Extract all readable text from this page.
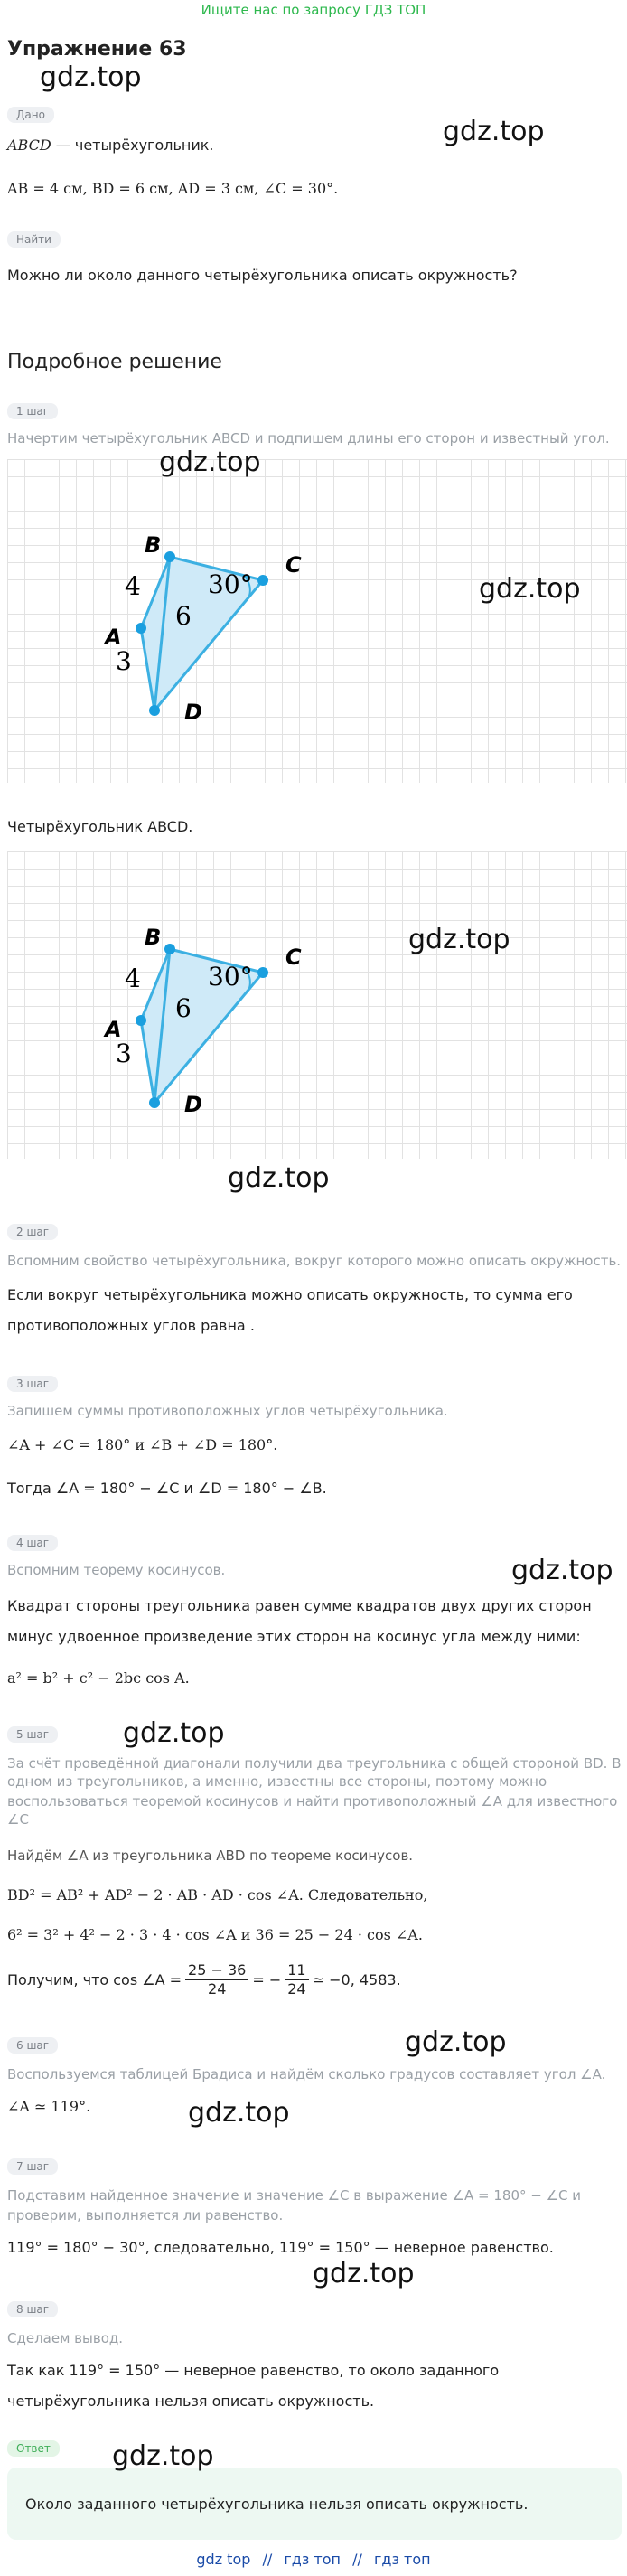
Ищите нас по запросу ГДЗ ТОП
Упражнение 63
gdz.top
gdz.top
Дано
ABCD — четырёхугольник.
AB = 4 см, BD = 6 см, AD = 3 см, ∠C = 30°.
Найти
Можно ли около данного четырёхугольника описать окружность?
Подробное решение
1 шаг
Начертим четырёхугольник ABCD и подпишем длины его сторон и известный угол.
B
C
A
D
4
6
3
30°
gdz.top
gdz.top
Четырёхугольник ABCD.
B
C
A
D
4
6
3
30°
gdz.top
gdz.top
2 шаг
Вспомним свойство четырёхугольника, вокруг которого можно описать окружность.
Если вокруг четырёхугольника можно описать окружность, то сумма его
противоположных углов равна .
3 шаг
Запишем суммы противоположных углов четырёхугольника.
∠A + ∠C = 180° и ∠B + ∠D = 180°.
Тогда ∠A = 180° − ∠C и ∠D = 180° − ∠B.
4 шаг
Вспомним теорему косинусов.	gdz.top
Квадрат стороны треугольника равен сумме квадратов двух других сторон
минус удвоенное произведение этих сторон на косинус угла между ними:
a² = b² + c² − 2bc cos A.
5 шаг	gdz.top
За счёт проведённой диагонали получили два треугольника с общей стороной BD. В
одном из треугольников, а именно, известны все стороны, поэтому можно
воспользоваться теоремой косинусов и найти противоположный ∠A для известного
∠C
Найдём ∠A из треугольника ABD по теореме косинусов.
BD² = AB² + AD² − 2 · AB · AD · cos ∠A. Следовательно,
6² = 3² + 4² − 2 · 3 · 4 · cos ∠A и 36 = 25 − 24 · cos ∠A.
Получим, что cos ∠A = $\frac{25 - 36}{24}$ = − $\frac{11}{24}$ ≃ −0, 4583.
6 шаг	gdz.top
Воспользуемся таблицей Брадиса и найдём сколько градусов составляет угол ∠A.
∠A ≃ 119°.	gdz.top
7 шаг
Подставим найденное значение и значение ∠C в выражение ∠A = 180° − ∠C и
проверим, выполняется ли равенство.
119° = 180° − 30°, следовательно, 119° = 150° — неверное равенство.
gdz.top
8 шаг
Сделаем вывод.
Так как 119° = 150° — неверное равенство, то около заданного
четырёхугольника нельзя описать окружность.
Ответ	gdz.top
Около заданного четырёхугольника нельзя описать окружность.
gdz top // гдз топ // гдз тoп
